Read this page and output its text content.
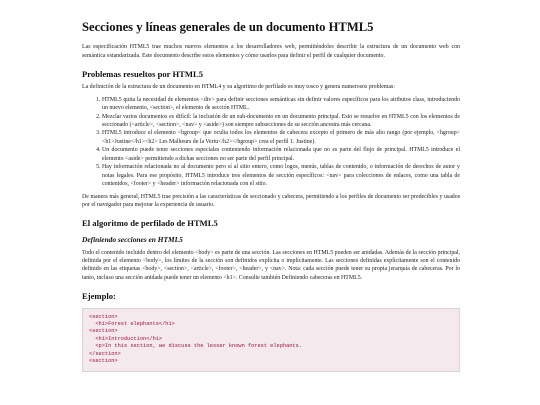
Secciones y líneas generales de un documento HTML5

Las especificación HTML5 trae muchos nuevos elementos a los desarrolladores web, permitiéndoles describir la estructura de un documento web con semántica estandarizada. Este documento describe estos elementos y cómo usarlos para definir el perfil de cualquier documento.

Problemas resueltos por HTML5

La definición de la estructura de un documento en HTML4 y su algoritmo de perfilado es muy tosco y genera numerosos problemas:

1. HTML5 quita la necesidad de elementos <div> para definir secciones semánticas sin definir valores específicos para los atributos class, introduciendo un nuevo elemento, <section>, el elemento de sección HTML.
2. Mezclar varios documentos es difícil: la inclusión de un sub-documento en un documento principal. Esto se resuelve en HTML5 con los elementos de seccionado (<article>, <section>, <nav> y <aside>) son siempre subsecciones de su sección ancestra más cercana.
3. HTML5 introduce el elemento <hgroup< que oculta todos los elementos de cabecera excepto el primero de más alto rango (por ejemplo, <hgroup><h1>Justine</h1><h2> Les Malheurs de la Vertu</h2></hgroup> crea el perfil 1. Justine).
4. Un documento puede tener secciones especiales conteniendo información relacionada que no es parte del flujo de principal. HTML5 introduce el elemento <aside> permitiendo a dichas secciones no ser parte del perfil principal.
5. Hay información relacionada no al documento pero sí al sitio entero, como logos, menús, tablas de contenido, o información de derechos de autor y notas legales. Para ese propósito, HTML5 introduce tres elementos de sección específicos: <nav> para colecciones de enlaces, como una tabla de contenidos, <footer> y <header> información relacionada con el sitio.

De manera más general, HTML5 trae precisión a las características de seccionado y cabecera, permitiendo a los perfiles de documento ser predecibles y usados por el navegador para mejorar la experiencia de usuario.

El algoritmo de perfilado de HTML5
Definiendo secciones en HTML5

Todo el contenido incluido dentro del elemento <body> es parte de una sección. Las secciones en HTML5 pueden ser anidadas. Además de la sección principal, definida por el elemento <body>, los límites de la sección son definidos explícita o implícitamente. Las secciones definidas explícitamente son el contenido definido en las etiquetas <body>, <section>, <article>, <footer>, <header>, y <nav>. Nota: cada sección puede tener su propia jerarquía de cabeceras. Por lo tanto, incluso una sección anidada puede tener un elemento <h1>. Consulte también Definiendo cabeceras en HTML5.

Ejemplo:
<section>
<h1>Forest elephants</h1>
<section>
<h1>Introduction</h1>
<p>In this section, we discuss the lesser known forest elephants.
</section>
<section>
